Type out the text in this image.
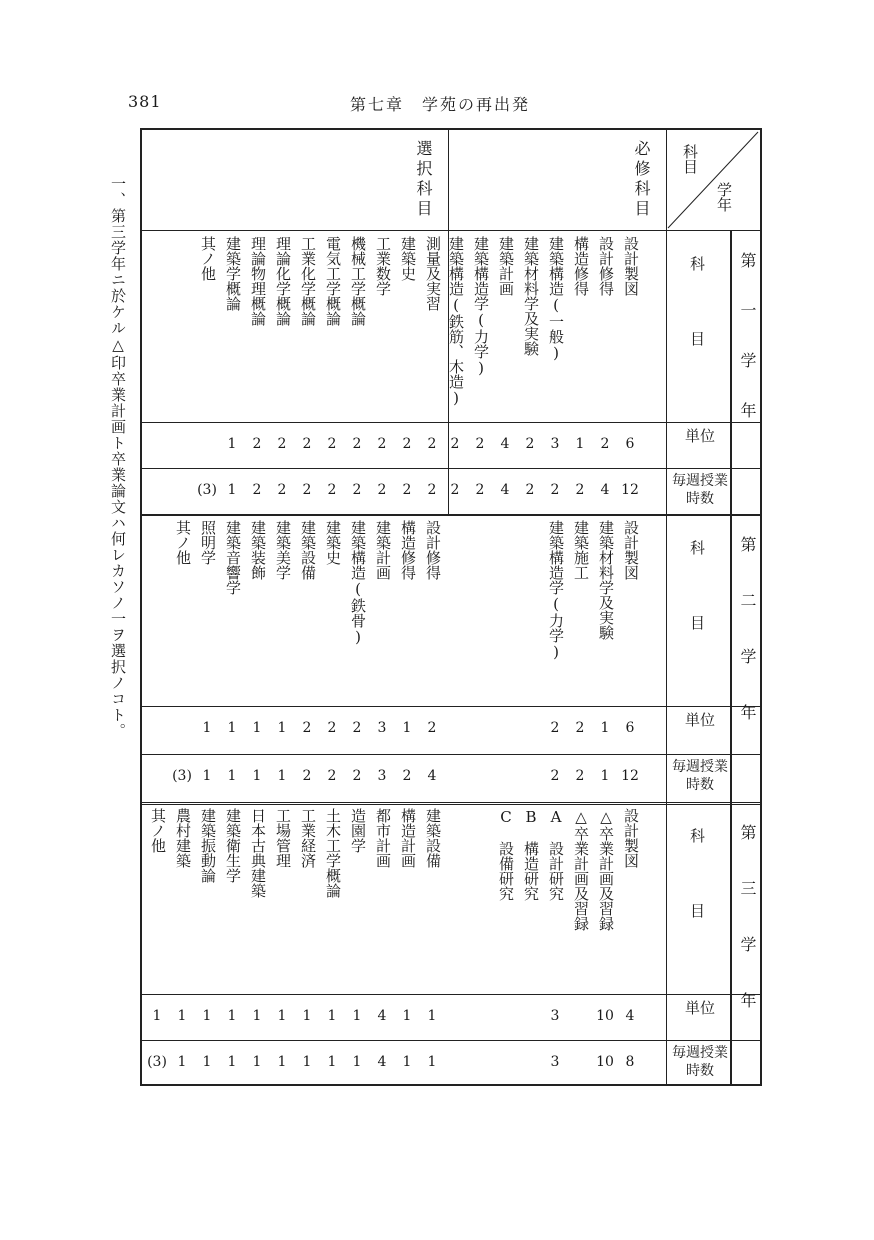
381	第七章　学苑の再出発
一、第三学年ニ於ケル△印卒業計画ト卒業論文ハ何レカソノ一ヲ選択ノコト。
科目
学年
必修科目
選択科目
第一学年
科　　目
単位
毎週授業時数
設計製図
6
12
設計修得
2
4
構造修得
1
2
建築構造(一般)
3
2
建築材料学及実験
2
2
建築計画
4
4
建築構造学(力学)
2
2
建築構造(鉄筋、木造)
2
2
測量及実習
2
2
建築史
2
2
工業数学
2
2
機械工学概論
2
2
電気工学概論
2
2
工業化学概論
2
2
理論化学概論
2
2
理論物理概論
2
2
建築学概論
1
1
其ノ他
(3)
第二学年
科　　目
単位
毎週授業時数
設計製図
6
12
建築材料学及実験
1
1
建築施工
2
2
建築構造学(力学)
2
2
設計修得
2
4
構造修得
1
2
建築計画
3
3
建築構造(鉄骨)
2
2
建築史
2
2
建築設備
2
2
建築美学
1
1
建築装飾
1
1
建築音響学
1
1
照明学
1
1
其ノ他
(3)
第三学年
科　　目
単位
毎週授業時数
設計製図
4
8
△卒業計画及習録
10
10
△卒業計画及習録
A　設計研究
3
3
B　構造研究
C　設備研究
建築設備
1
1
構造計画
1
1
都市計画
4
4
造園学
1
1
土木工学概論
1
1
工業経済
1
1
工場管理
1
1
日本古典建築
1
1
建築衛生学
1
1
建築振動論
1
1
農村建築
1
1
其ノ他
1
(3)
